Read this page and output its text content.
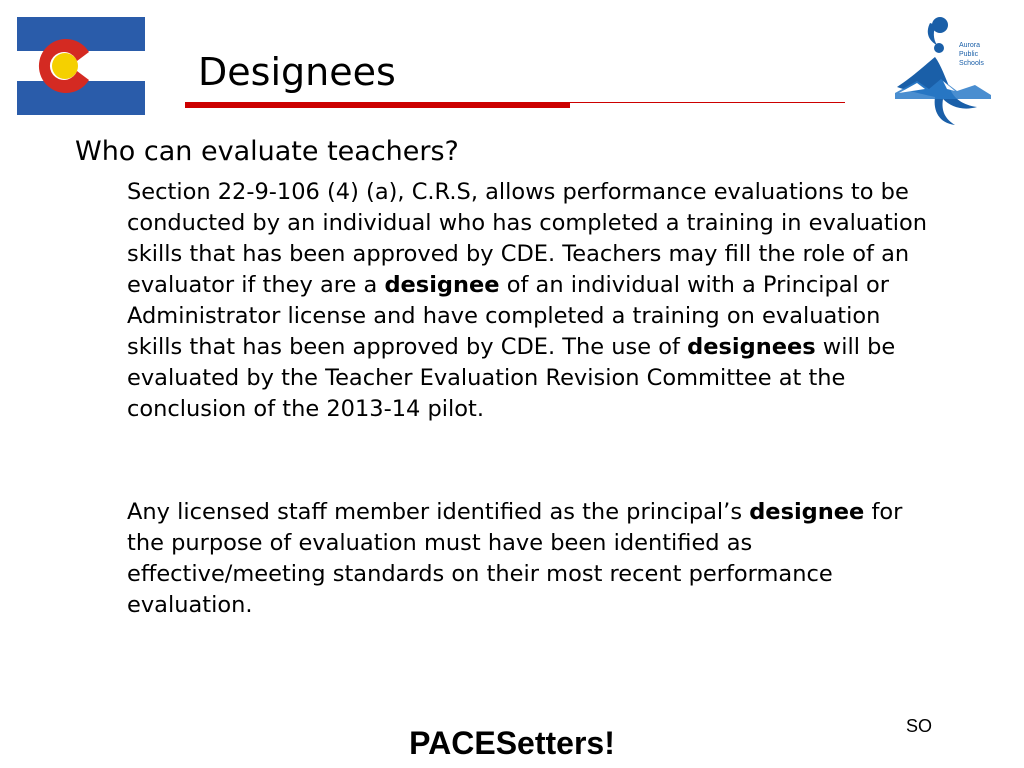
Designees
Aurora
Public
Schools

Who can evaluate teachers?

Section 22-9-106 (4) (a), C.R.S, allows performance evaluations to be conducted by an individual who has completed a training in evaluation skills that has been approved by CDE. Teachers may fill the role of an evaluator if they are a designee of an individual with a Principal or Administrator license and have completed a training on evaluation skills that has been approved by CDE. The use of designees will be evaluated by the Teacher Evaluation Revision Committee at the conclusion of the 2013-14 pilot.

Any licensed staff member identified as the principal’s designee for the purpose of evaluation must have been identified as effective/meeting standards on their most recent performance evaluation.

SO
PACESetters!
